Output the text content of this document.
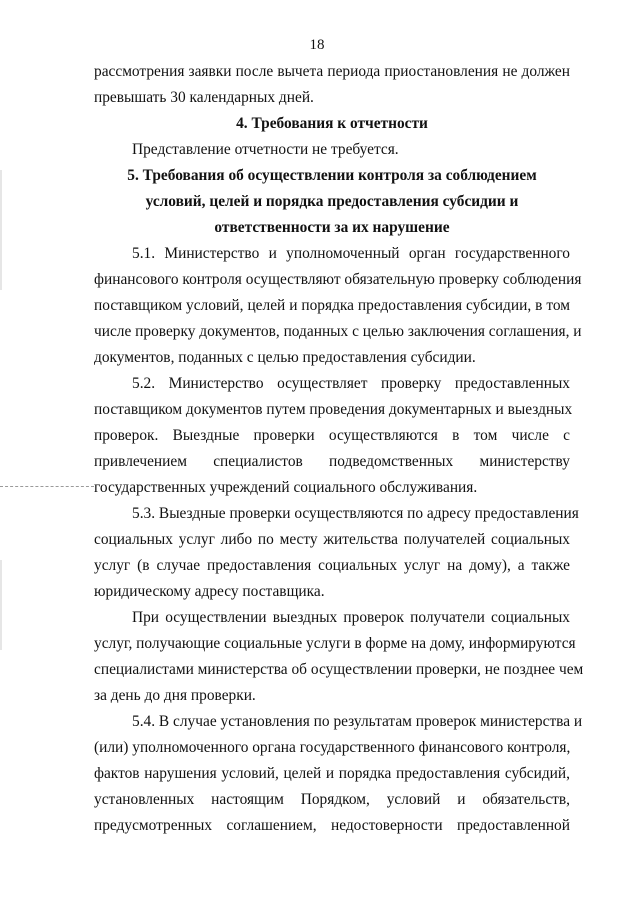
18
рассмотрения заявки после вычета периода приостановления не должен
превышать 30 календарных дней.
4. Требования к отчетности
Представление отчетности не требуется.
5. Требования об осуществлении контроля за соблюдением
условий, целей и порядка предоставления субсидии и
ответственности за их нарушение
5.1. Министерство и уполномоченный орган государственного
финансового контроля осуществляют обязательную проверку соблюдения
поставщиком условий, целей и порядка предоставления субсидии, в том
числе проверку документов, поданных с целью заключения соглашения, и
документов, поданных с целью предоставления субсидии.
5.2. Министерство осуществляет проверку предоставленных
поставщиком документов путем проведения документарных и выездных
проверок. Выездные проверки осуществляются в том числе с
привлечением специалистов подведомственных министерству
государственных учреждений социального обслуживания.
5.3. Выездные проверки осуществляются по адресу предоставления
социальных услуг либо по месту жительства получателей социальных
услуг (в случае предоставления социальных услуг на дому), а также
юридическому адресу поставщика.
При осуществлении выездных проверок получатели социальных
услуг, получающие социальные услуги в форме на дому, информируются
специалистами министерства об осуществлении проверки, не позднее чем
за день до дня проверки.
5.4. В случае установления по результатам проверок министерства и
(или) уполномоченного органа государственного финансового контроля,
фактов нарушения условий, целей и порядка предоставления субсидий,
установленных настоящим Порядком, условий и обязательств,
предусмотренных соглашением, недостоверности предоставленной
